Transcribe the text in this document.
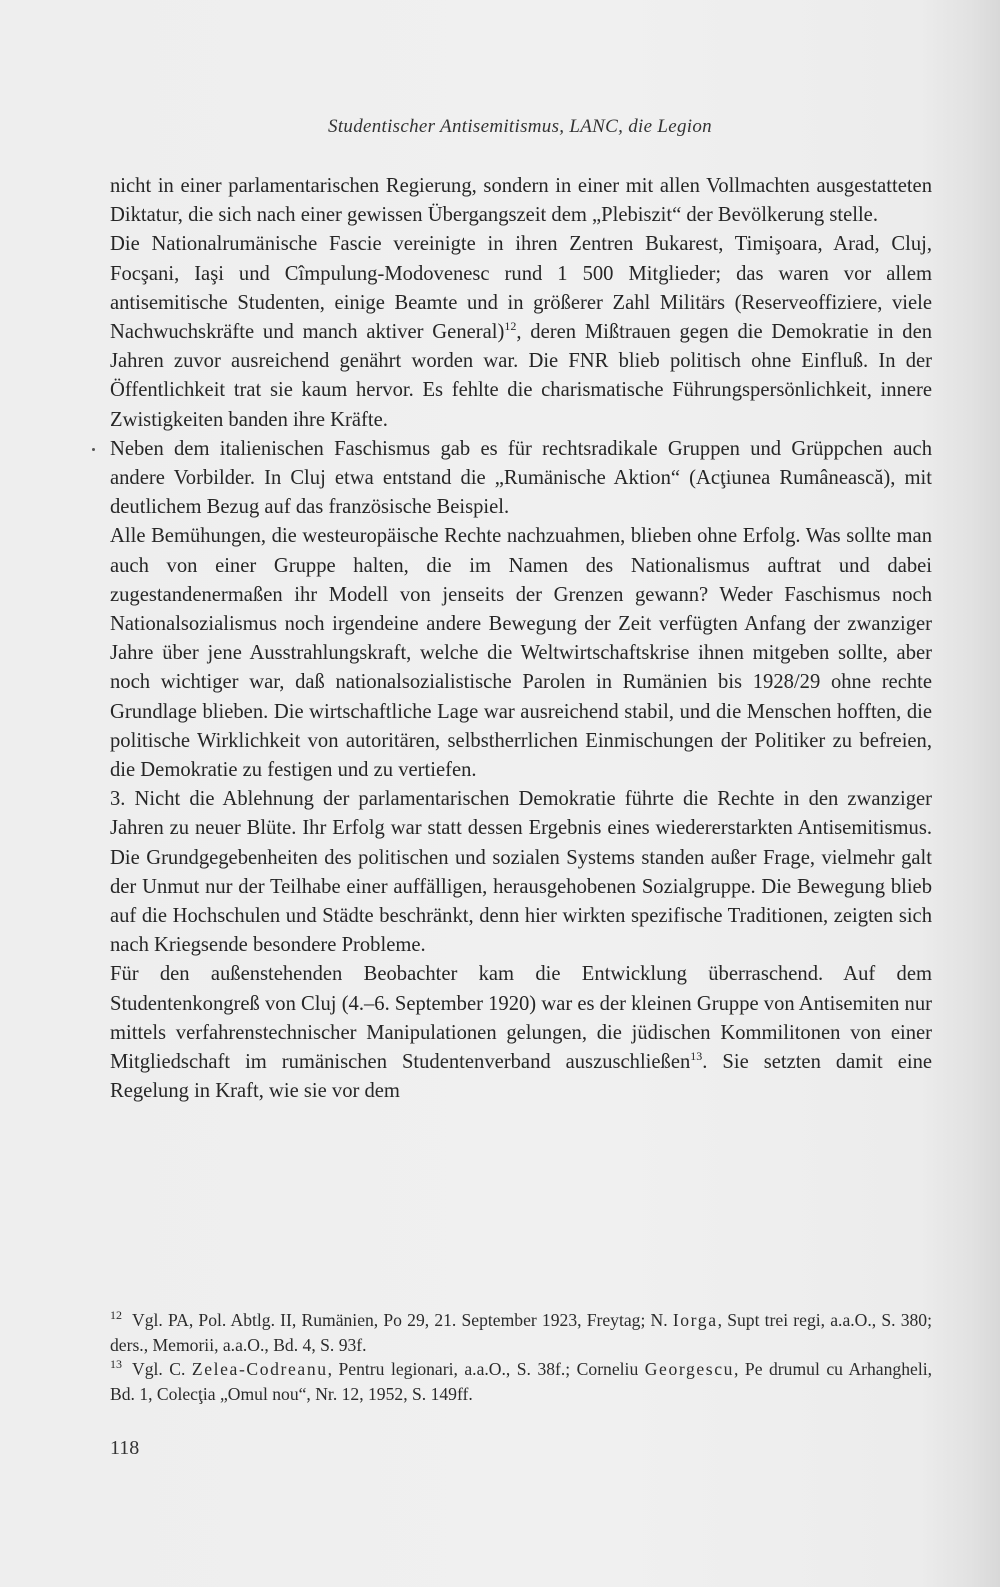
Studentischer Antisemitismus, LANC, die Legion

nicht in einer parlamentarischen Regierung, sondern in einer mit allen Vollmachten ausgestatteten Diktatur, die sich nach einer gewissen Übergangszeit dem „Plebiszit“ der Bevölkerung stelle.

Die Nationalrumänische Fascie vereinigte in ihren Zentren Bukarest, Timişoara, Arad, Cluj, Focşani, Iaşi und Cîmpulung-Modovenesc rund 1 500 Mitglieder; das waren vor allem antisemitische Studenten, einige Beamte und in größerer Zahl Militärs (Reserveoffiziere, viele Nachwuchskräfte und manch aktiver General)$^{12}$, deren Mißtrauen gegen die Demokratie in den Jahren zuvor ausreichend genährt worden war. Die FNR blieb politisch ohne Einfluß. In der Öffentlichkeit trat sie kaum hervor. Es fehlte die charismatische Führungspersönlichkeit, innere Zwistigkeiten banden ihre Kräfte.

Neben dem italienischen Faschismus gab es für rechtsradikale Gruppen und Grüppchen auch andere Vorbilder. In Cluj etwa entstand die „Rumänische Aktion“ (Acţiunea Rumânească), mit deutlichem Bezug auf das französische Beispiel.

Alle Bemühungen, die westeuropäische Rechte nachzuahmen, blieben ohne Erfolg. Was sollte man auch von einer Gruppe halten, die im Namen des Nationalismus auftrat und dabei zugestandenermaßen ihr Modell von jenseits der Grenzen gewann? Weder Faschismus noch Nationalsozialismus noch irgendeine andere Bewegung der Zeit verfügten Anfang der zwanziger Jahre über jene Ausstrahlungskraft, welche die Weltwirtschaftskrise ihnen mitgeben sollte, aber noch wichtiger war, daß nationalsozialistische Parolen in Rumänien bis 1928/29 ohne rechte Grundlage blieben. Die wirtschaftliche Lage war ausreichend stabil, und die Menschen hofften, die politische Wirklichkeit von autoritären, selbstherrlichen Einmischungen der Politiker zu befreien, die Demokratie zu festigen und zu vertiefen.

3. Nicht die Ablehnung der parlamentarischen Demokratie führte die Rechte in den zwanziger Jahren zu neuer Blüte. Ihr Erfolg war statt dessen Ergebnis eines wiedererstarkten Antisemitismus. Die Grundgegebenheiten des politischen und sozialen Systems standen außer Frage, vielmehr galt der Unmut nur der Teilhabe einer auffälligen, herausgehobenen Sozialgruppe. Die Bewegung blieb auf die Hochschulen und Städte beschränkt, denn hier wirkten spezifische Traditionen, zeigten sich nach Kriegsende besondere Probleme.

Für den außenstehenden Beobachter kam die Entwicklung überraschend. Auf dem Studentenkongreß von Cluj (4.–6. September 1920) war es der kleinen Gruppe von Antisemiten nur mittels verfahrenstechnischer Manipulationen gelungen, die jüdischen Kommilitonen von einer Mitgliedschaft im rumänischen Studentenverband auszuschließen$^{13}$. Sie setzten damit eine Regelung in Kraft, wie sie vor dem

$^{12}$ Vgl. PA, Pol. Abtlg. II, Rumänien, Po 29, 21. September 1923, Freytag; N. Iorga, Supt trei regi, a.a.O., S. 380; ders., Memorii, a.a.O., Bd. 4, S. 93f.

$^{13}$ Vgl. C. Zelea-Codreanu, Pentru legionari, a.a.O., S. 38f.; Corneliu Georgescu, Pe drumul cu Arhangheli, Bd. 1, Colecţia „Omul nou“, Nr. 12, 1952, S. 149ff.

118
